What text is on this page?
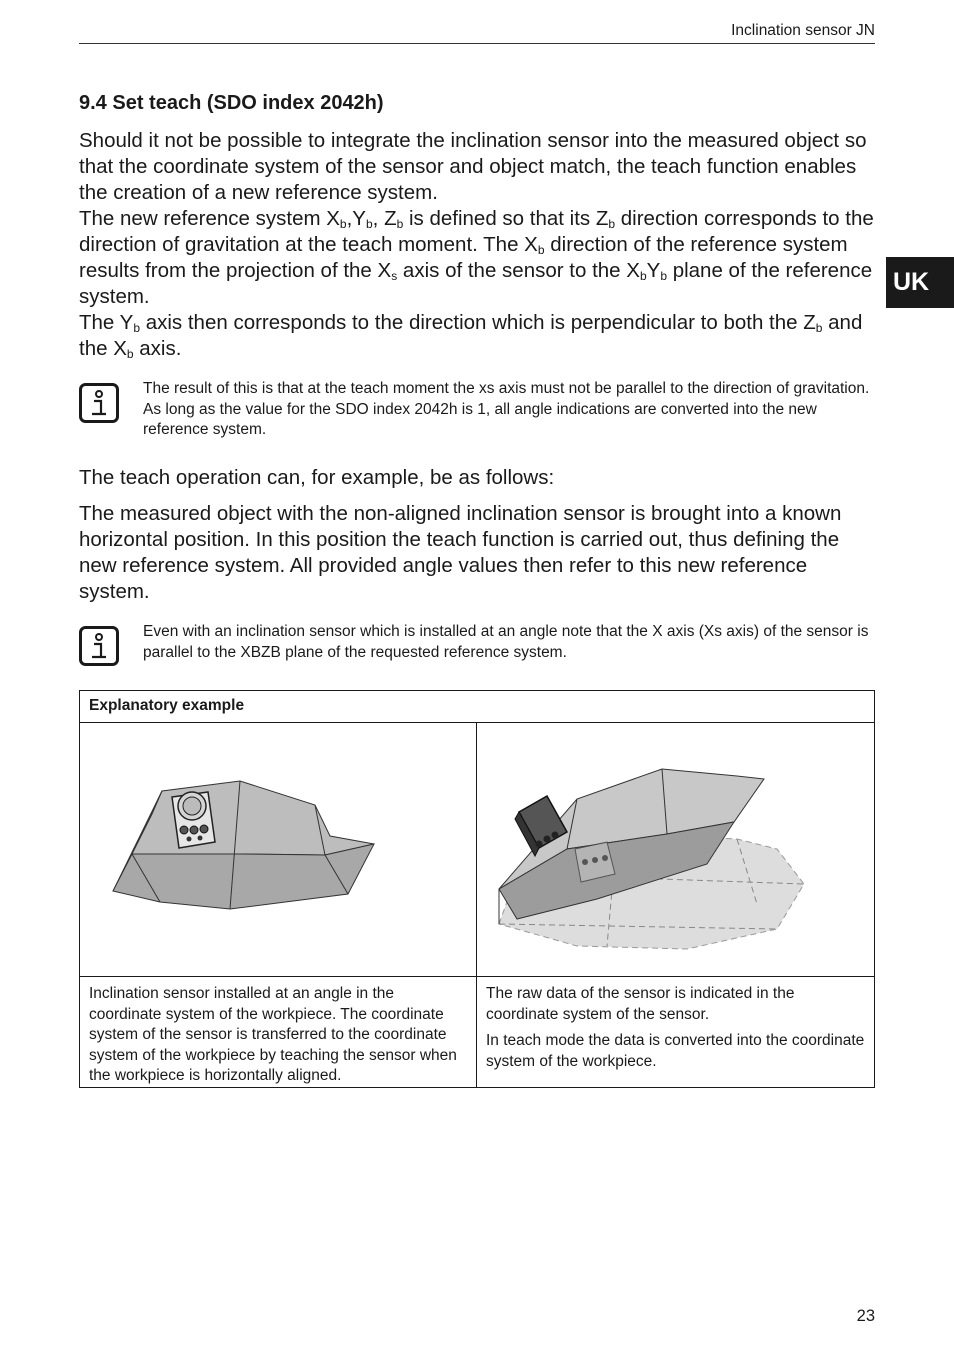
Inclination sensor JN
UK
9.4 Set teach (SDO index 2042h)

Should it not be possible to integrate the inclination sensor into the measured object so that the coordinate system of the sensor and object match, the teach function enables the creation of a new reference system.

The new reference system $X_b,Y_b$, $Z_b$ is defined so that its $Z_b$ direction corresponds to the direction of gravitation at the teach moment. The $X_b$ direction of the reference system results from the projection of the $X_s$ axis of the sensor to the $X_bY_b$ plane of the reference system.

The $Y_b$ axis then corresponds to the direction which is perpendicular to both the $Z_b$ and the $X_b$ axis.

The result of this is that at the teach moment the xs axis must not be parallel to the direction of gravitation. As long as the value for the SDO index 2042h is 1, all angle indications are converted into the new reference system.

The teach operation can, for example, be as follows:

The measured object with the non-aligned inclination sensor is brought into a known horizontal position. In this position the teach function is carried out, thus defining the new reference system. All provided angle values then refer to this new reference system.

Even with an inclination sensor which is installed at an angle note that the X axis (Xs axis) of the sensor is parallel to the XBZB plane of the requested reference system.
Explanatory example

Inclination sensor installed at an angle in the coordinate system of the workpiece. The coordinate system of the sensor is transferred to the coordinate system of the workpiece by teaching the sensor when the workpiece is horizontally aligned.

The raw data of the sensor is indicated in the coordinate system of the sensor.

In teach mode the data is converted into the coordinate system of the workpiece.

23
